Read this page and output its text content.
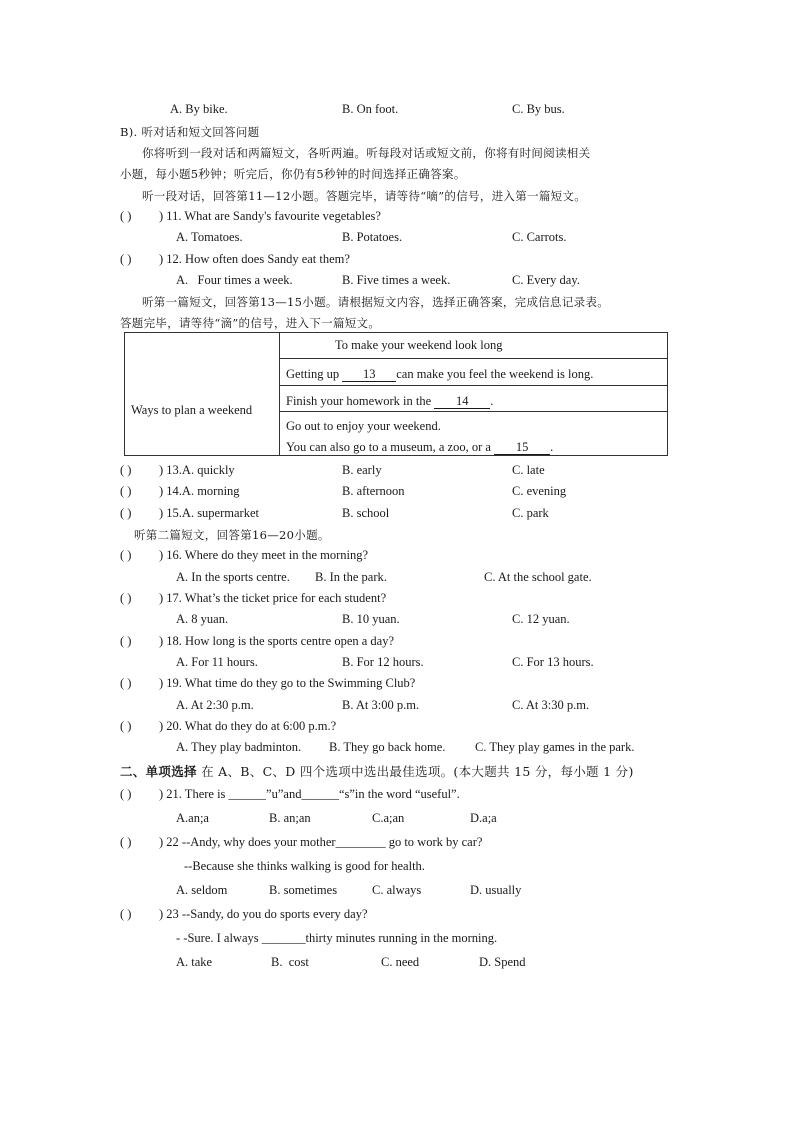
A. By bike.	B. On foot.	C. By bus.
B). 听对话和短文回答问题
你将听到一段对话和两篇短文，各听两遍。听每段对话或短文前，你将有时间阅读相关
小题，每小题5秒钟；听完后，你仍有5秒钟的时间选择正确答案。
听一段对话，回答第11—12小题。答题完毕，请等待“嘀”的信号，进入第一篇短文。
( ) ) 11. What are Sandy's favourite vegetables?
A. Tomatoes.	B. Potatoes.	C. Carrots.
( ) ) 12. How often does Sandy eat them?
A.   Four times a week.	B. Five times a week.	C. Every day.
听第一篇短文，回答第13—15小题。请根据短文内容，选择正确答案，完成信息记录表。
答题完毕，请等待“滴”的信号，进入下一篇短文。
To make your weekend look long
Ways to plan a weekend
Getting up 13 can make you feel the weekend is long.
Finish your homework in the 14 .
Go out to enjoy your weekend.
You can also go to a museum, a zoo, or a 15 .
( ) ) 13.A. quickly	B. early	C. late
( ) ) 14.A. morning	B. afternoon	C. evening
( ) ) 15.A. supermarket	B. school	C. park
听第二篇短文，回答第16—20小题。
( ) ) 16. Where do they meet in the morning?
A. In the sports centre. B. In the park.	C. At the school gate.
( ) ) 17. What’s the ticket price for each student?
A. 8 yuan.	B. 10 yuan.	C. 12 yuan.
( ) ) 18. How long is the sports centre open a day?
A. For 11 hours.	B. For 12 hours.	C. For 13 hours.
( ) ) 19. What time do they go to the Swimming Club?
A. At 2:30 p.m.	B. At 3:00 p.m.	C. At 3:30 p.m.
( ) ) 20. What do they do at 6:00 p.m.?
A. They play badminton. B. They go back home. C. They play games in the park.
二、单项选择 在 A、B、C、D 四个选项中选出最佳选项。(本大题共 15 分，每小题 1 分)
( ) ) 21. There is ______”u”and______“s”in the word “useful”.
A.an;a	B. an;an	C.a;an	D.a;a
( ) ) 22 --Andy, why does your mother________ go to work by car?
--Because she thinks walking is good for health.
A. seldom	B. sometimes	C. always	D. usually
( ) ) 23 --Sandy, do you do sports every day?
- -Sure. I always _______thirty minutes running in the morning.
A. take	B.  cost	C. need	D. Spend
